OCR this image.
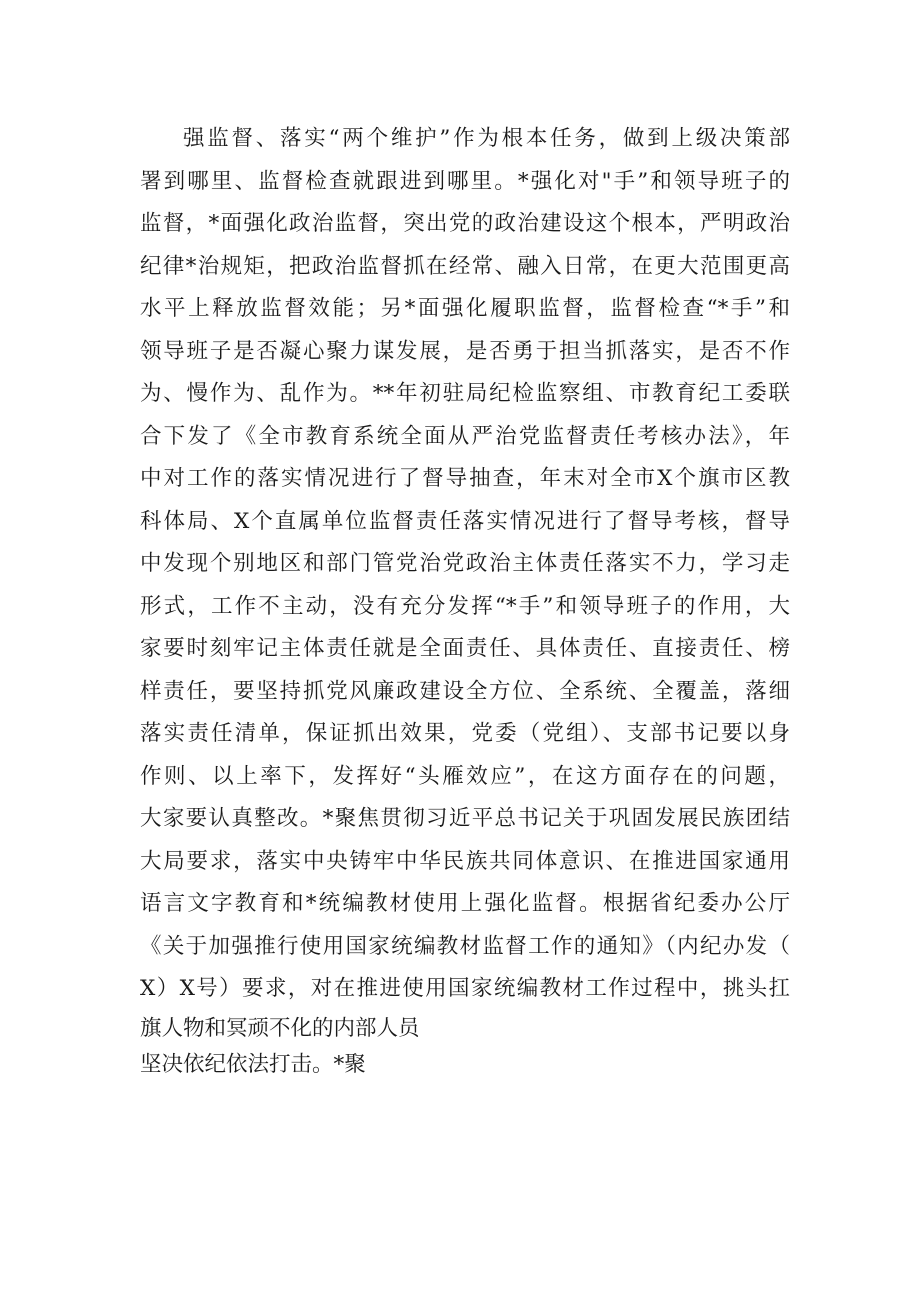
强监督、落实“两个维护”作为根本任务，做到上级决策部
署到哪里、监督检查就跟进到哪里。*强化对"手”和领导班子的
监督，*面强化政治监督，突出党的政治建设这个根本，严明政治
纪律*治规矩，把政治监督抓在经常、融入日常，在更大范围更高
水平上释放监督效能；另*面强化履职监督，监督检查“*手”和
领导班子是否凝心聚力谋发展，是否勇于担当抓落实，是否不作
为、慢作为、乱作为。**年初驻局纪检监察组、市教育纪工委联
合下发了《全市教育系统全面从严治党监督责任考核办法》，年
中对工作的落实情况进行了督导抽查，年末对全市X个旗市区教
科体局、X个直属单位监督责任落实情况进行了督导考核，督导
中发现个别地区和部门管党治党政治主体责任落实不力，学习走
形式，工作不主动，没有充分发挥“*手”和领导班子的作用，大
家要时刻牢记主体责任就是全面责任、具体责任、直接责任、榜
样责任，要坚持抓党风廉政建设全方位、全系统、全覆盖，落细
落实责任清单，保证抓出效果，党委（党组）、支部书记要以身
作则、以上率下，发挥好“头雁效应”，在这方面存在的问题，
大家要认真整改。*聚焦贯彻习近平总书记关于巩固发展民族团结
大局要求，落实中央铸牢中华民族共同体意识、在推进国家通用
语言文字教育和*统编教材使用上强化监督。根据省纪委办公厅
《关于加强推行使用国家统编教材监督工作的通知》（内纪办发（
X）X号）要求，对在推进使用国家统编教材工作过程中，挑头扛
旗人物和冥顽不化的内部人员
坚决依纪依法打击。*聚
